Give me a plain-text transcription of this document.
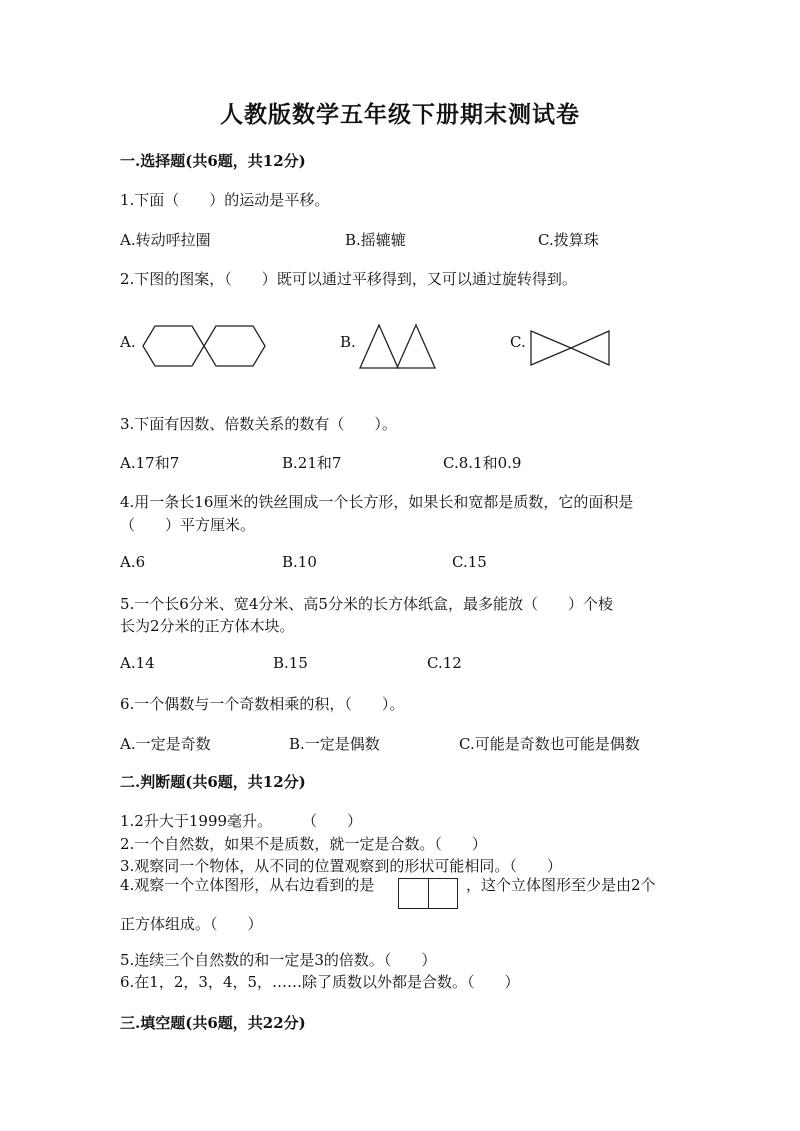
人教版数学五年级下册期末测试卷
一.选择题(共6题，共12分)
1.下面（　　）的运动是平移。
A.转动呼拉圈	B.摇辘辘	C.拨算珠
2.下图的图案，（　　）既可以通过平移得到，又可以通过旋转得到。
A.	B.	C.
3.下面有因数、倍数关系的数有（　　）。
A.17和7	B.21和7	C.8.1和0.9
4.用一条长16厘米的铁丝围成一个长方形，如果长和宽都是质数，它的面积是
（　　）平方厘米。
A.6	B.10	C.15
5.一个长6分米、宽4分米、高5分米的长方体纸盒，最多能放（　　）个棱
长为2分米的正方体木块。
A.14	B.15	C.12
6.一个偶数与一个奇数相乘的积，（　　）。
A.一定是奇数	B.一定是偶数	C.可能是奇数也可能是偶数
二.判断题(共6题，共12分)
1.2升大于1999毫升。　　　（　　）
2.一个自然数，如果不是质数，就一定是合数。（　　）
3.观察同一个物体，从不同的位置观察到的形状可能相同。（　　）
4.观察一个立体图形，从右边看到的是	，这个立体图形至少是由2个
正方体组成。（　　）
5.连续三个自然数的和一定是3的倍数。（　　）
6.在1，2，3，4，5，……除了质数以外都是合数。（　　）
三.填空题(共6题，共22分)
